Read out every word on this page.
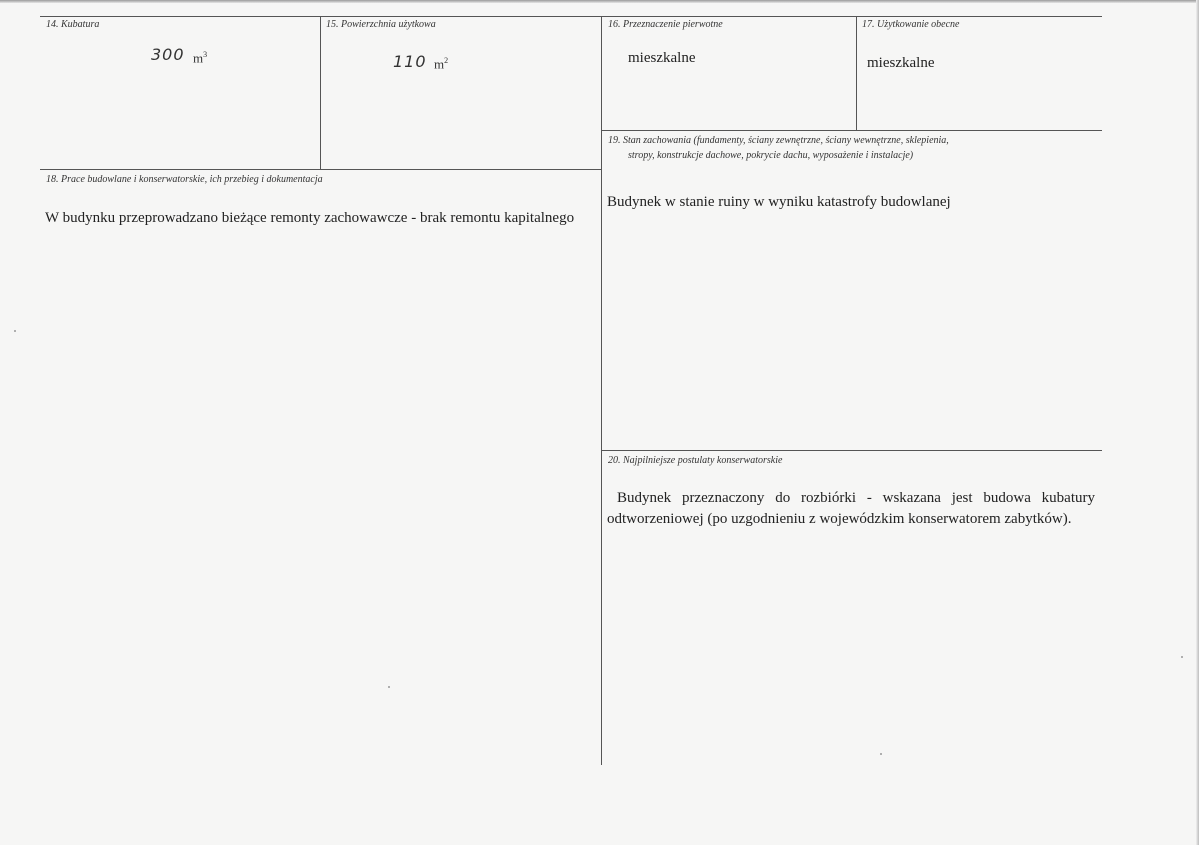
14. Kubatura
300 $m^3$
15. Powierzchnia użytkowa
110 $m^2$
16. Przeznaczenie pierwotne
mieszkalne
17. Użytkowanie obecne
mieszkalne
19. Stan zachowania (fundamenty, ściany zewnętrzne, ściany wewnętrzne, sklepienia,
stropy, konstrukcje dachowe, pokrycie dachu, wyposażenie i instalacje)
Budynek w stanie ruiny w wyniku katastrofy budowlanej
18. Prace budowlane i konserwatorskie, ich przebieg i dokumentacja
W budynku przeprowadzano bieżące remonty zachowawcze - brak remontu kapitalnego
20. Najpilniejsze postulaty konserwatorskie
Budynek przeznaczony do rozbiórki - wskazana jest budowa kubatury odtworzeniowej (po uzgodnieniu z wojewódzkim konserwatorem zabytków).
